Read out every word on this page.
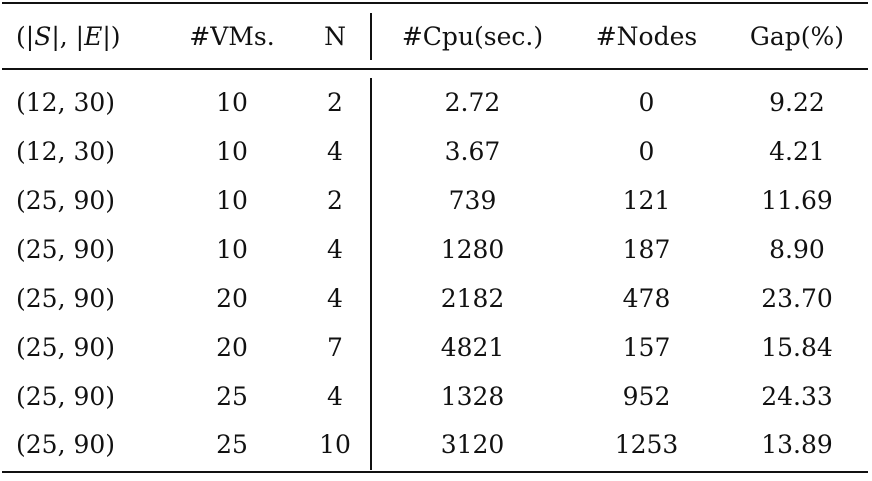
(|S|, |E|)	#VMs.	N	#Cpu(sec.)	#Nodes	Gap(%)
(12, 30)	10	2	2.72	0	9.22
(12, 30)	10	4	3.67	0	4.21
(25, 90)	10	2	739	121	11.69
(25, 90)	10	4	1280	187	8.90
(25, 90)	20	4	2182	478	23.70
(25, 90)	20	7	4821	157	15.84
(25, 90)	25	4	1328	952	24.33
(25, 90)	25	10	3120	1253	13.89
